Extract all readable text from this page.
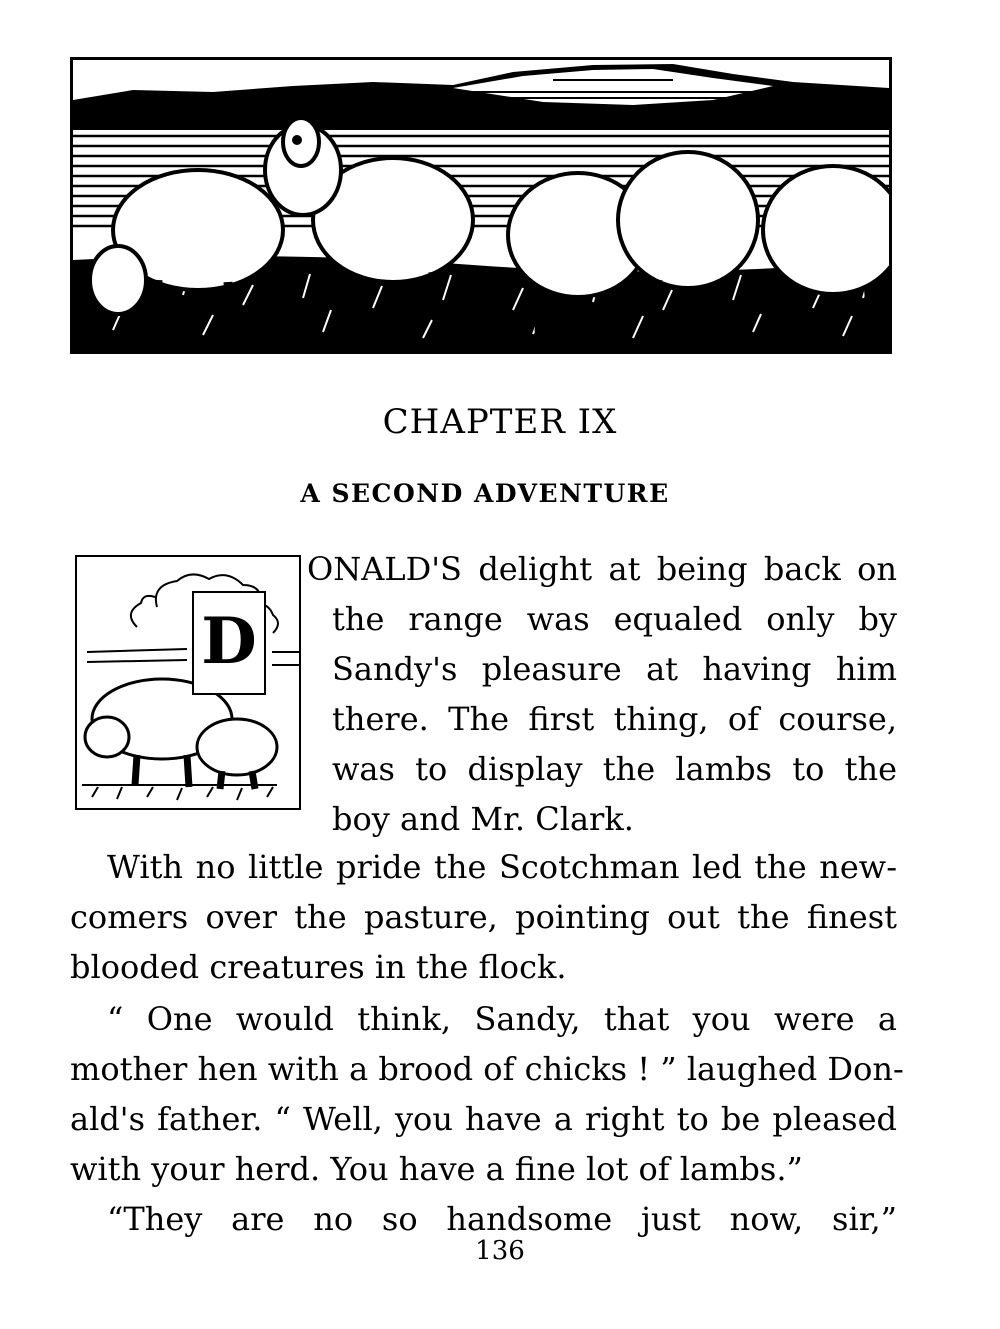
CHAPTER IX
A SECOND ADVENTURE
D
ONALD'S delight at being back on
the range was equaled only by
Sandy's pleasure at having him
there. The first thing, of course,
was to display the lambs to the
boy and Mr. Clark.
With no little pride the Scotchman led the new-
comers over the pasture, pointing out the finest
blooded creatures in the flock.
“ One would think, Sandy, that you were a
mother hen with a brood of chicks ! ” laughed Don-
ald's father. “ Well, you have a right to be pleased
with your herd. You have a fine lot of lambs.”
“They are no so handsome just now, sir,”
136
